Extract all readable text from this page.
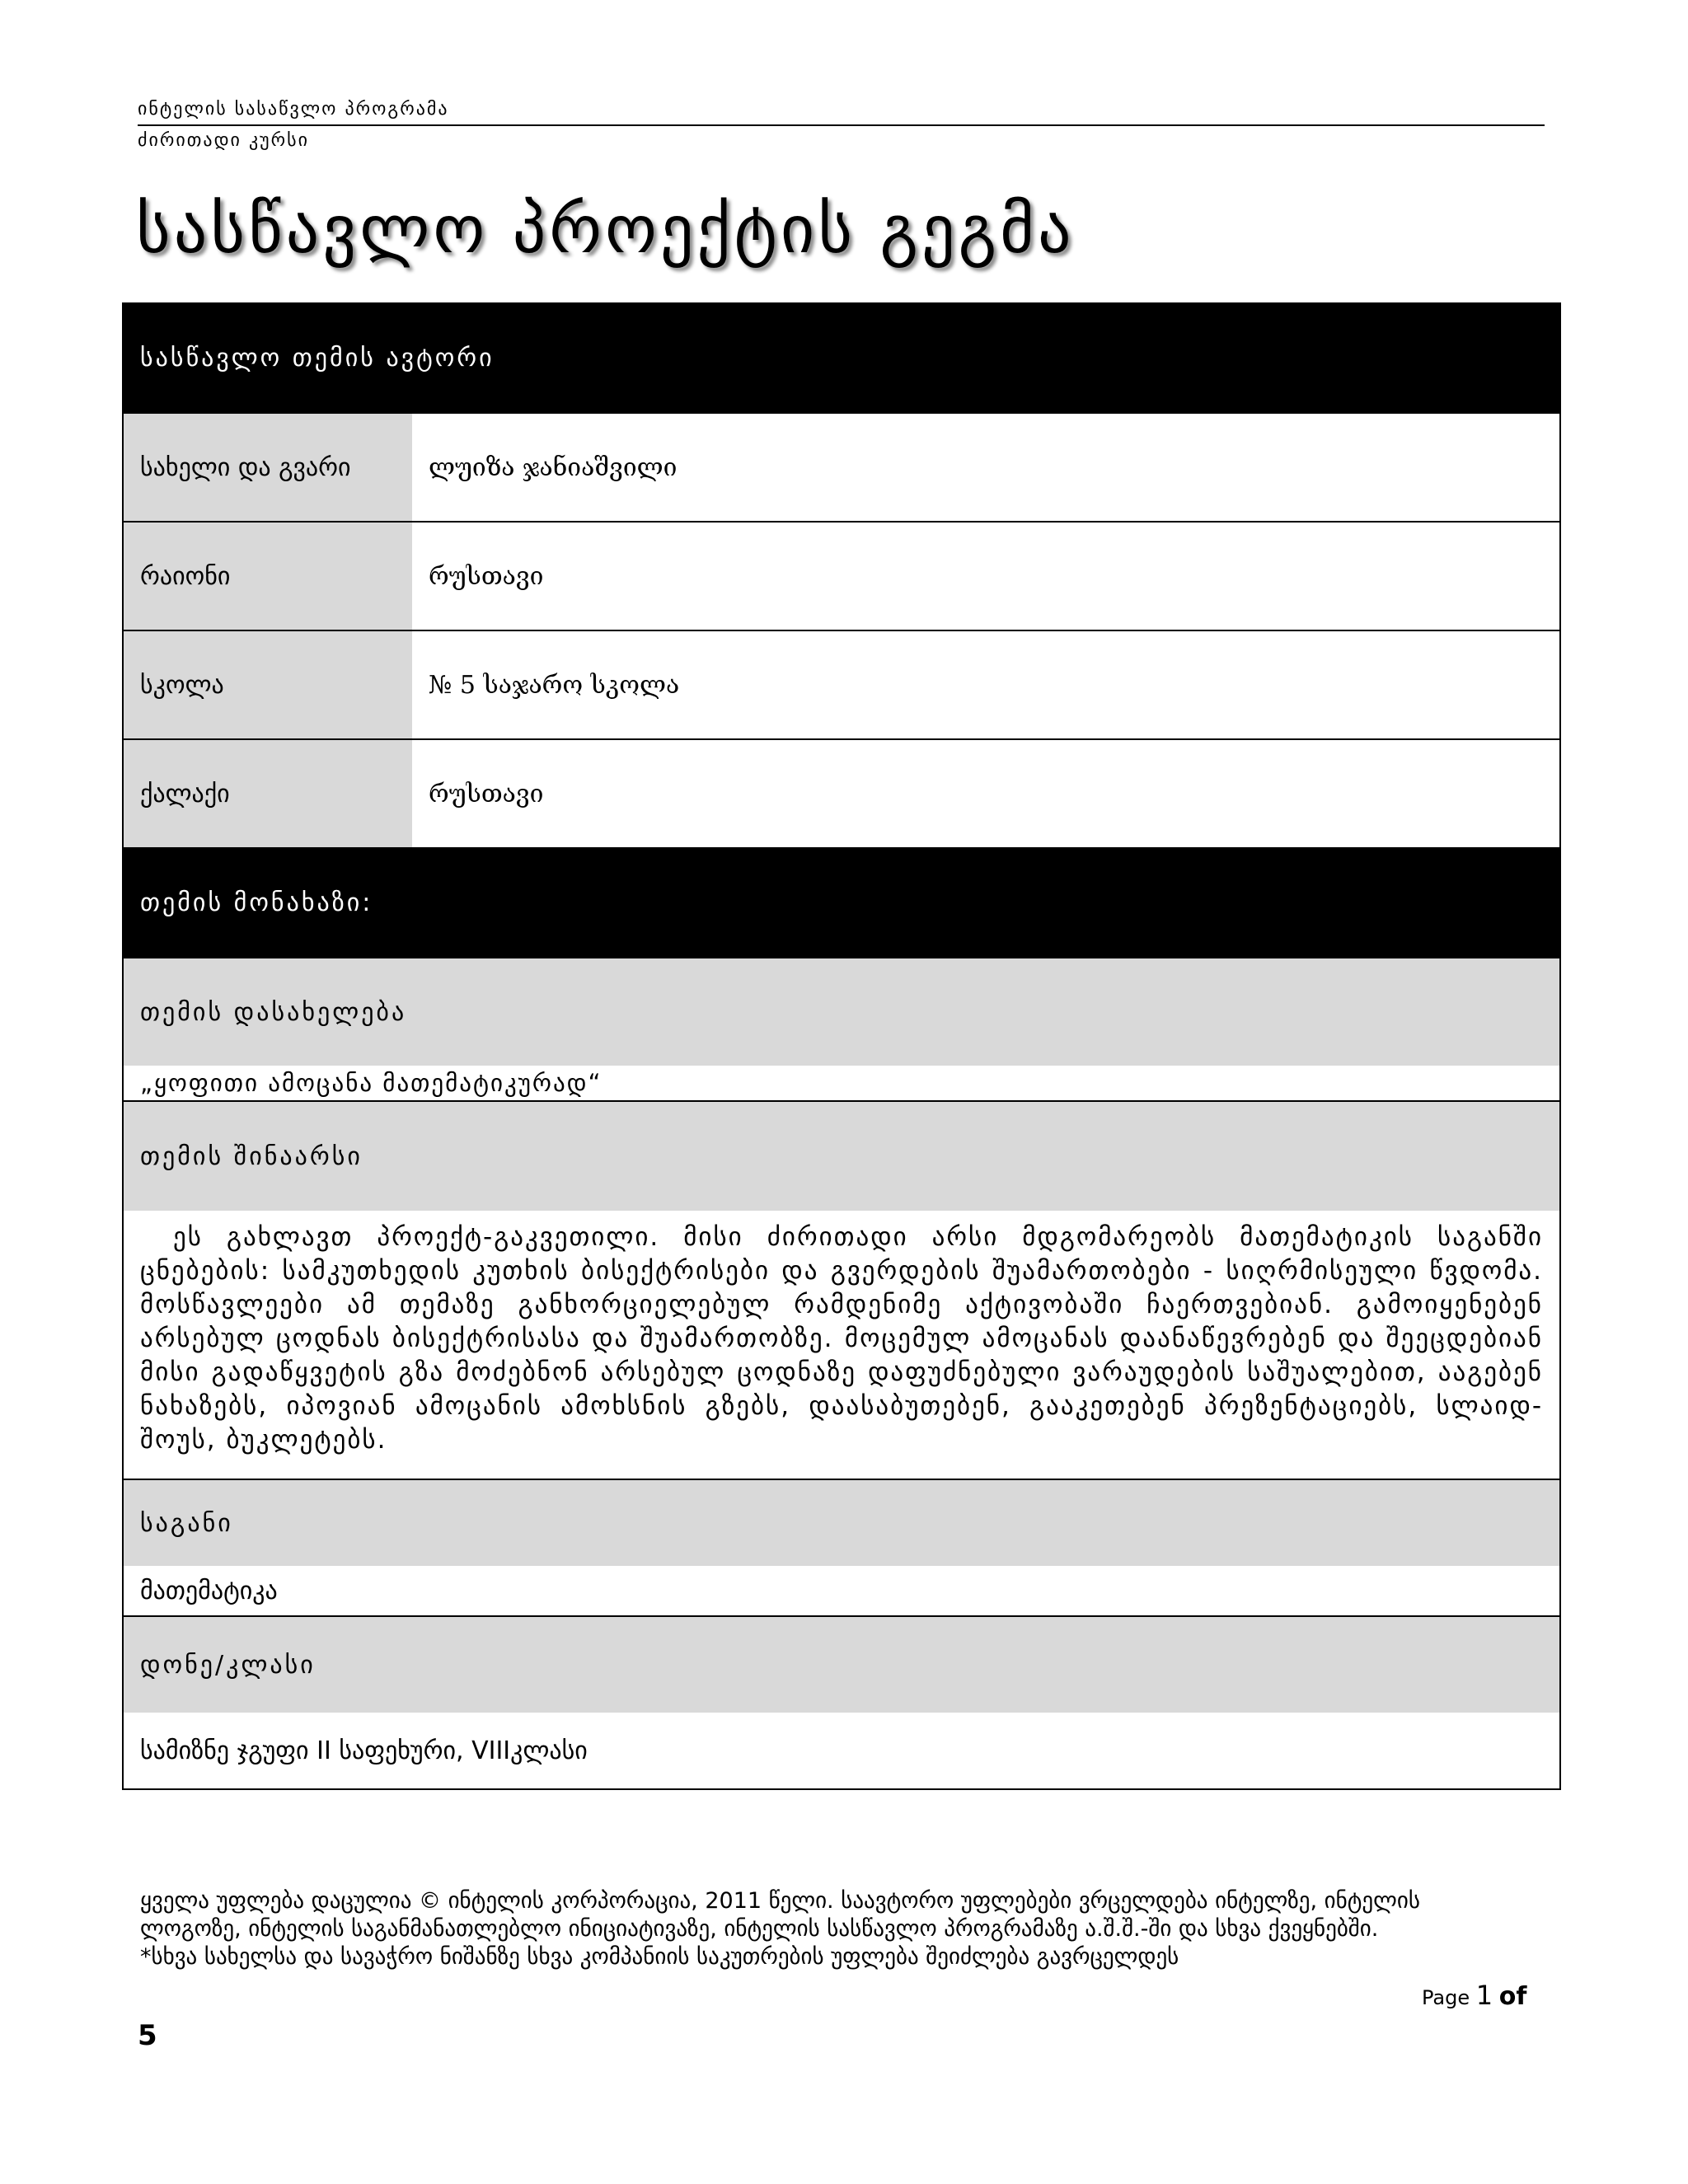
ინტელის სასაწვლო პროგრამა
ძირითადი კურსი
სასწავლო პროექტის გეგმა
სასწავლო თემის ავტორი
სახელი და გვარი	ლუიზა ჯანიაშვილი
რაიონი	რუსთავი
სკოლა	№ 5 საჯარო სკოლა
ქალაქი	რუსთავი
თემის მონახაზი:
თემის დასახელება
„ყოფითი ამოცანა მათემატიკურად“
თემის შინაარსი
ეს გახლავთ პროექტ-გაკვეთილი. მისი ძირითადი არსი მდგომარეობს მათემატიკის საგანში ცნებების: სამკუთხედის კუთხის ბისექტრისები და გვერდების შუამართობები - სიღრმისეული წვდომა. მოსწავლეები ამ თემაზე განხორციელებულ რამდენიმე აქტივობაში ჩაერთვებიან. გამოიყენებენ არსებულ ცოდნას ბისექტრისასა და შუამართობზე. მოცემულ ამოცანას დაანაწევრებენ და შეეცდებიან მისი გადაწყვეტის გზა მოძებნონ არსებულ ცოდნაზე დაფუძნებული ვარაუდების საშუალებით, ააგებენ ნახაზებს, იპოვიან ამოცანის ამოხსნის გზებს, დაასაბუთებენ, გააკეთებენ პრეზენტაციებს, სლაიდ-შოუს, ბუკლეტებს.
საგანი
მათემატიკა
დონე/კლასი
სამიზნე ჯგუფი II საფეხური, VIIIკლასი
ყველა უფლება დაცულია © ინტელის კორპორაცია, 2011 წელი. საავტორო უფლებები ვრცელდება ინტელზე, ინტელის
ლოგოზე, ინტელის საგანმანათლებლო ინიციატივაზე, ინტელის სასწავლო პროგრამაზე ა.შ.შ.-ში და სხვა ქვეყნებში.
*სხვა სახელსა და სავაჭრო ნიშანზე სხვა კომპანიის საკუთრების უფლება შეიძლება გავრცელდეს
Page 1 of
5
